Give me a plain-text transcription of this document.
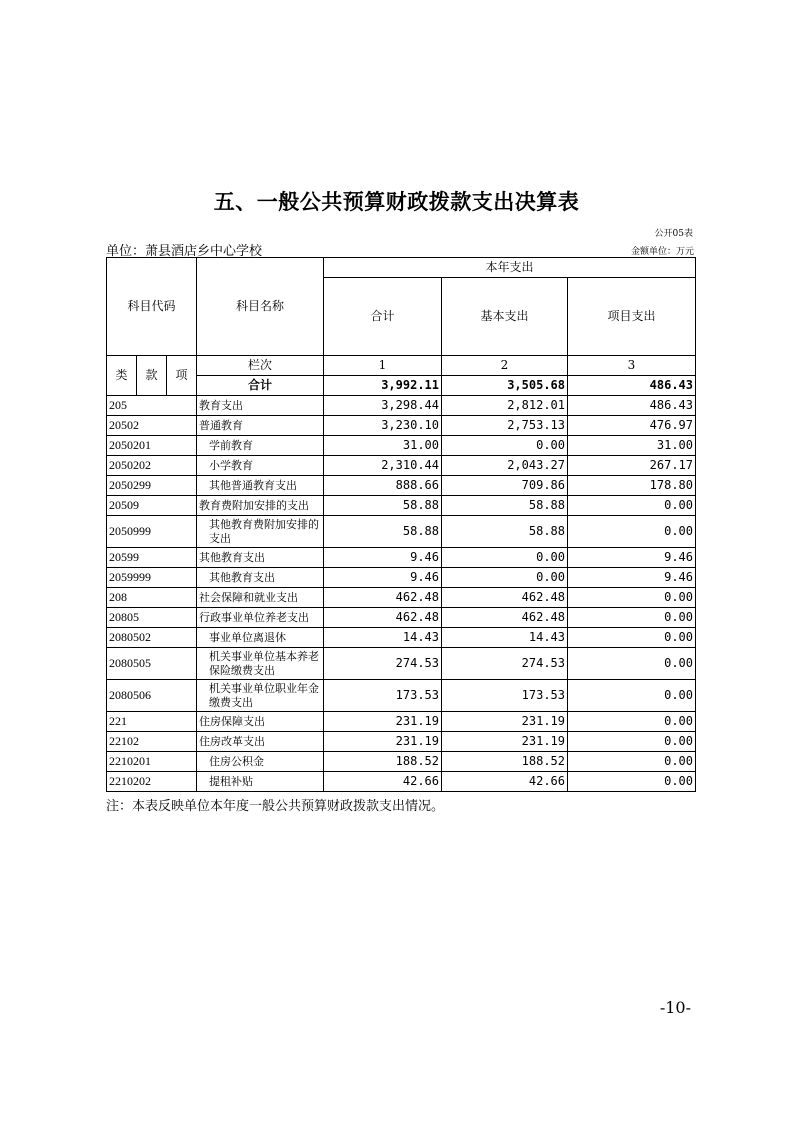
五、一般公共预算财政拨款支出决算表
公开05表
单位：萧县酒店乡中心学校	金额单位：万元
科目代码			科目名称	本年支出		
				合计	基本支出	项目支出

类	款	项	栏次	1	2	3
			合计	3,992.11	3,505.68	486.43
205			教育支出	3,298.44	2,812.01	486.43
20502			普通教育	3,230.10	2,753.13	476.97
2050201			学前教育	31.00	0.00	31.00
2050202			小学教育	2,310.44	2,043.27	267.17
2050299			其他普通教育支出	888.66	709.86	178.80
20509			教育费附加安排的支出	58.88	58.88	0.00
2050999			其他教育费附加安排的支出	58.88	58.88	0.00
20599			其他教育支出	9.46	0.00	9.46
2059999			其他教育支出	9.46	0.00	9.46
208			社会保障和就业支出	462.48	462.48	0.00
20805			行政事业单位养老支出	462.48	462.48	0.00
2080502			事业单位离退休	14.43	14.43	0.00
2080505			机关事业单位基本养老保险缴费支出	274.53	274.53	0.00
2080506			机关事业单位职业年金缴费支出	173.53	173.53	0.00
221			住房保障支出	231.19	231.19	0.00
22102			住房改革支出	231.19	231.19	0.00
2210201			住房公积金	188.52	188.52	0.00
2210202			提租补贴	42.66	42.66	0.00
注：本表反映单位本年度一般公共预算财政拨款支出情况。
-10-
